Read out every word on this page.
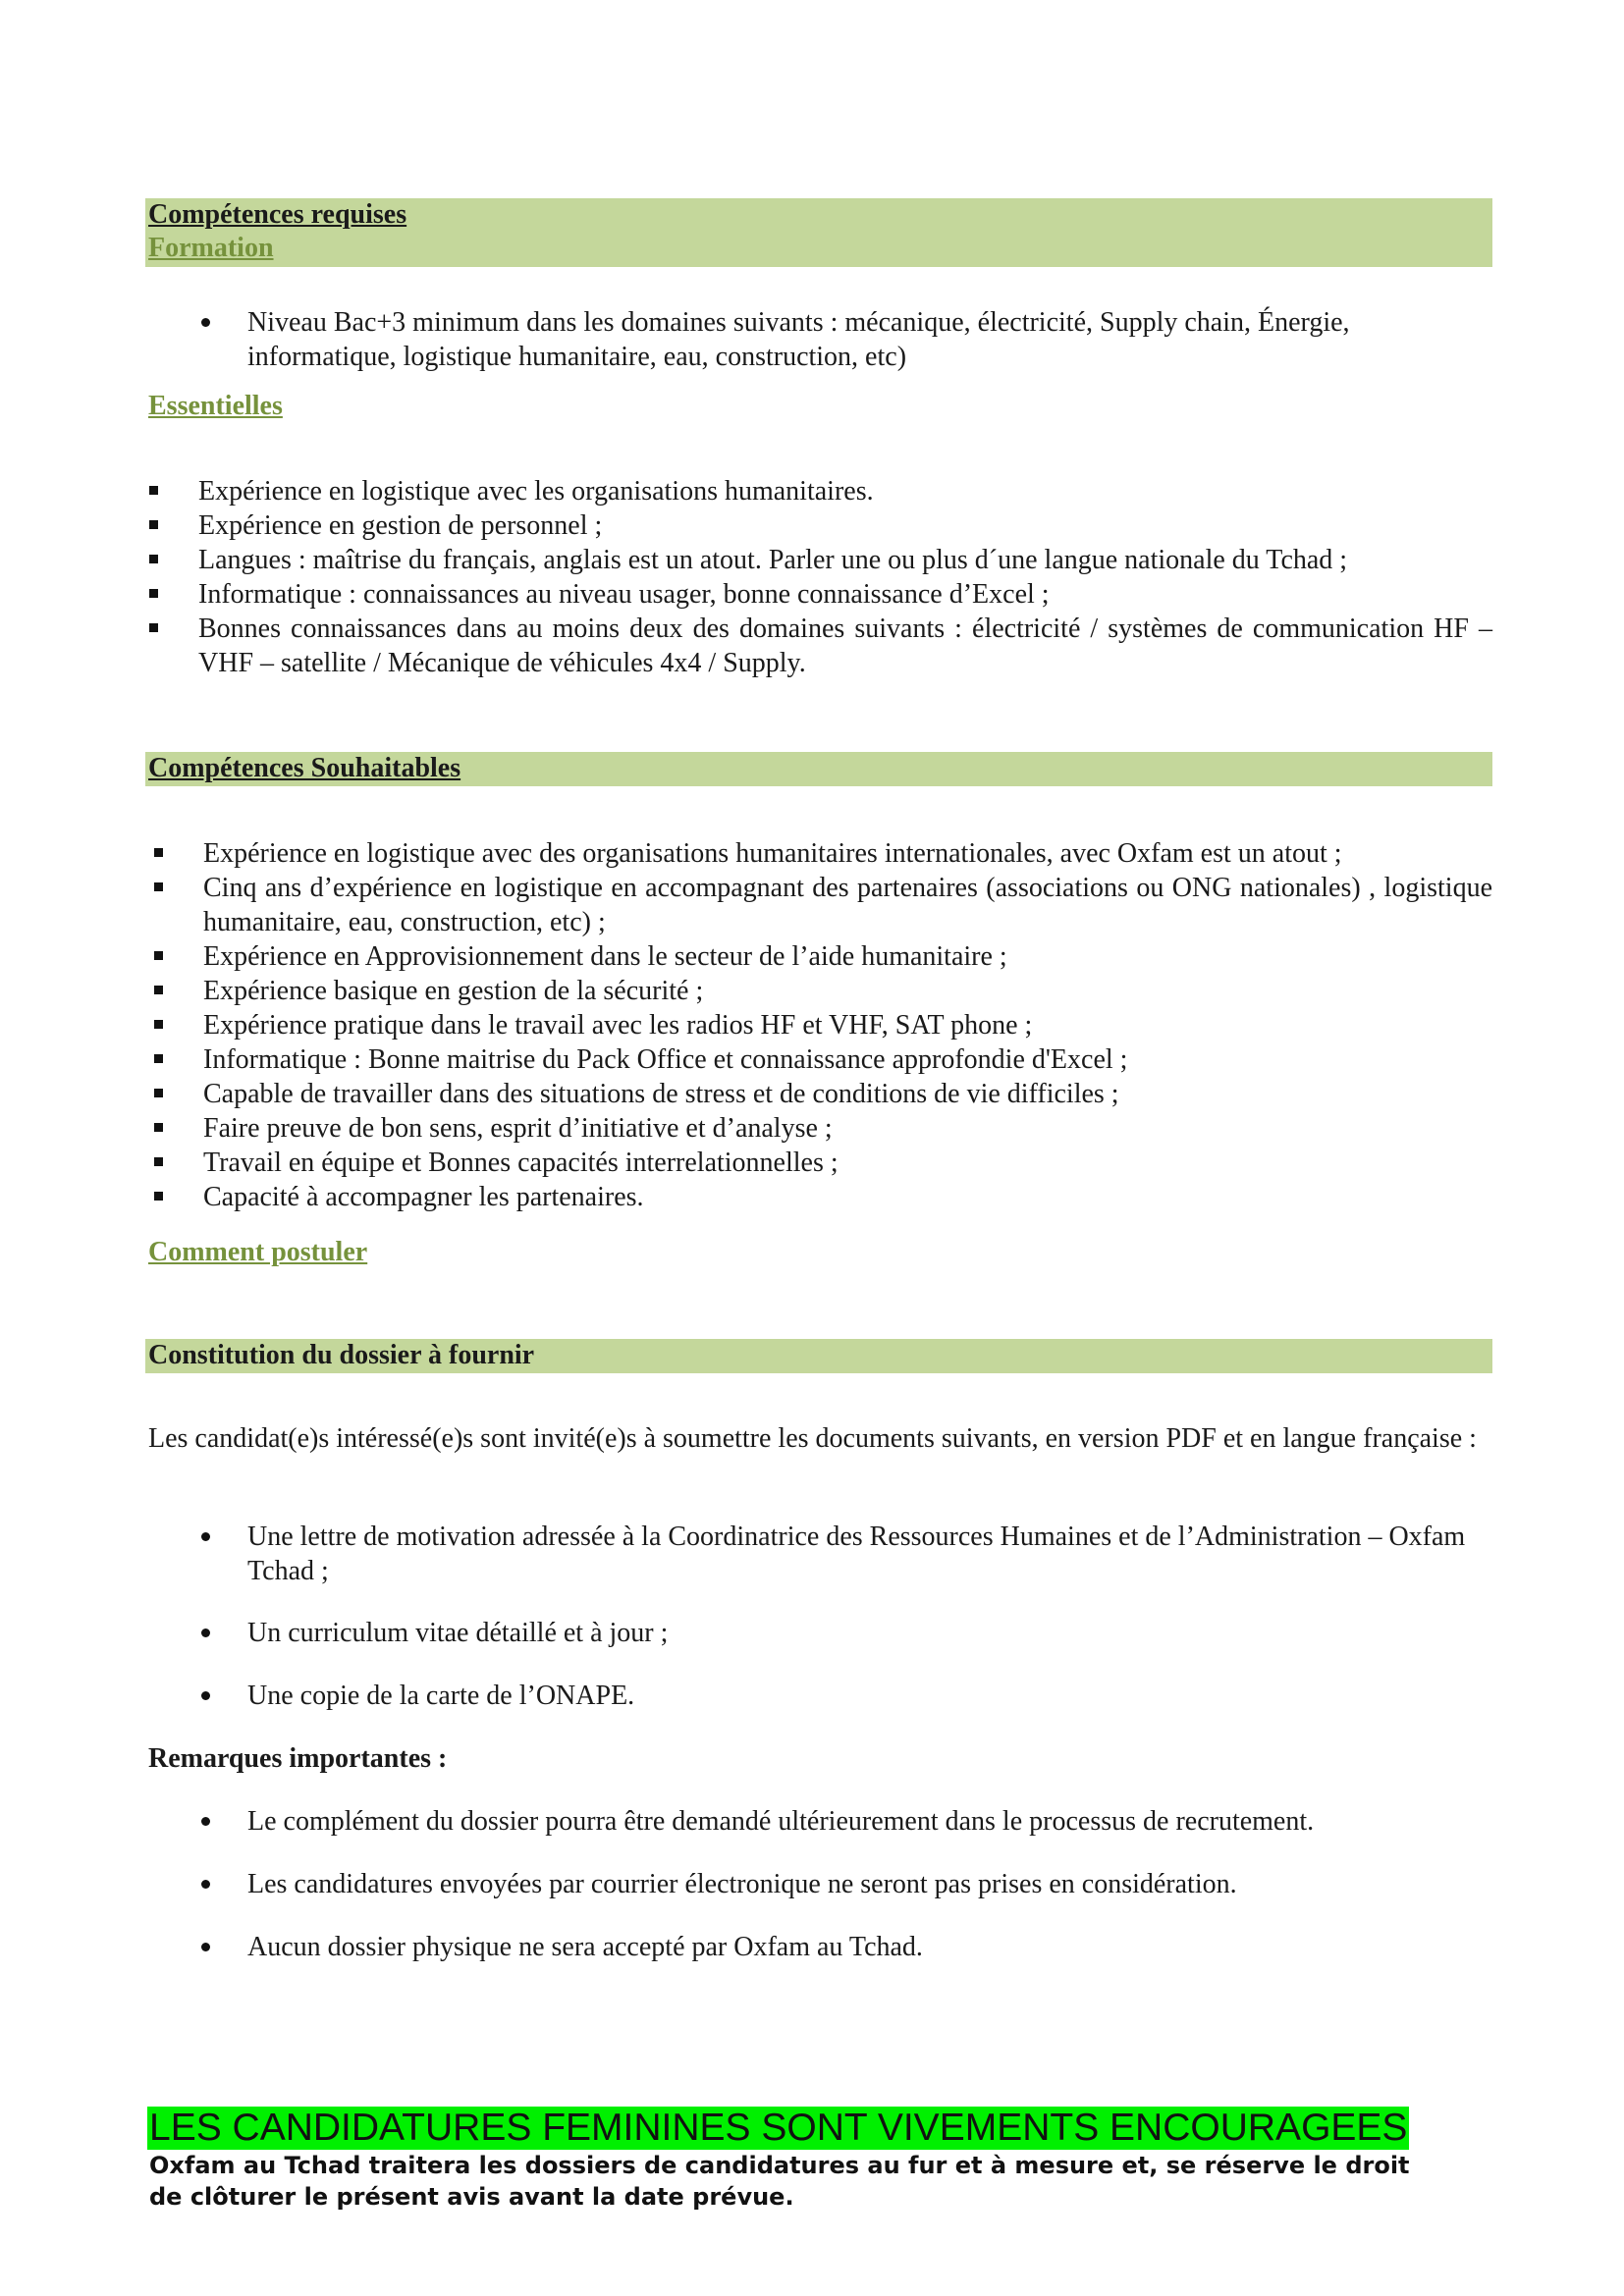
Compétences requises
Formation
Niveau Bac+3 minimum dans les domaines suivants : mécanique, électricité, Supply chain, Énergie, informatique, logistique humanitaire, eau, construction, etc)

Essentielles

Expérience en logistique avec les organisations humanitaires.
Expérience en gestion de personnel ;
Langues : maîtrise du français, anglais est un atout. Parler une ou plus d´une langue nationale du Tchad ;
Informatique : connaissances au niveau usager, bonne connaissance d’Excel ;
Bonnes connaissances dans au moins deux des domaines suivants : électricité / systèmes de communication HF – VHF – satellite / Mécanique de véhicules 4x4 / Supply.
Compétences Souhaitables
Expérience en logistique avec des organisations humanitaires internationales, avec Oxfam est un atout ;
Cinq ans d’expérience en logistique en accompagnant des partenaires (associations ou ONG nationales) , logistique humanitaire, eau, construction, etc) ;
Expérience en Approvisionnement dans le secteur de l’aide humanitaire ;
Expérience basique en gestion de la sécurité ;
Expérience pratique dans le travail avec les radios HF et VHF, SAT phone ;
Informatique : Bonne maitrise du Pack Office et connaissance approfondie d'Excel ;
Capable de travailler dans des situations de stress et de conditions de vie difficiles ;
Faire preuve de bon sens, esprit d’initiative et d’analyse ;
Travail en équipe et Bonnes capacités interrelationnelles ;
Capacité à accompagner les partenaires.

Comment postuler

Constitution du dossier à fournir

Les candidat(e)s intéressé(e)s sont invité(e)s à soumettre les documents suivants, en version PDF et en langue française :

Une lettre de motivation adressée à la Coordinatrice des Ressources Humaines et de l’Administration – Oxfam Tchad ;
Un curriculum vitae détaillé et à jour ;
Une copie de la carte de l’ONAPE.

Remarques importantes :

Le complément du dossier pourra être demandé ultérieurement dans le processus de recrutement.
Les candidatures envoyées par courrier électronique ne seront pas prises en considération.
Aucun dossier physique ne sera accepté par Oxfam au Tchad.
LES CANDIDATURES FEMININES SONT VIVEMENTS ENCOURAGEES

Oxfam au Tchad traitera les dossiers de candidatures au fur et à mesure et, se réserve le droit de clôturer le présent avis avant la date prévue.
